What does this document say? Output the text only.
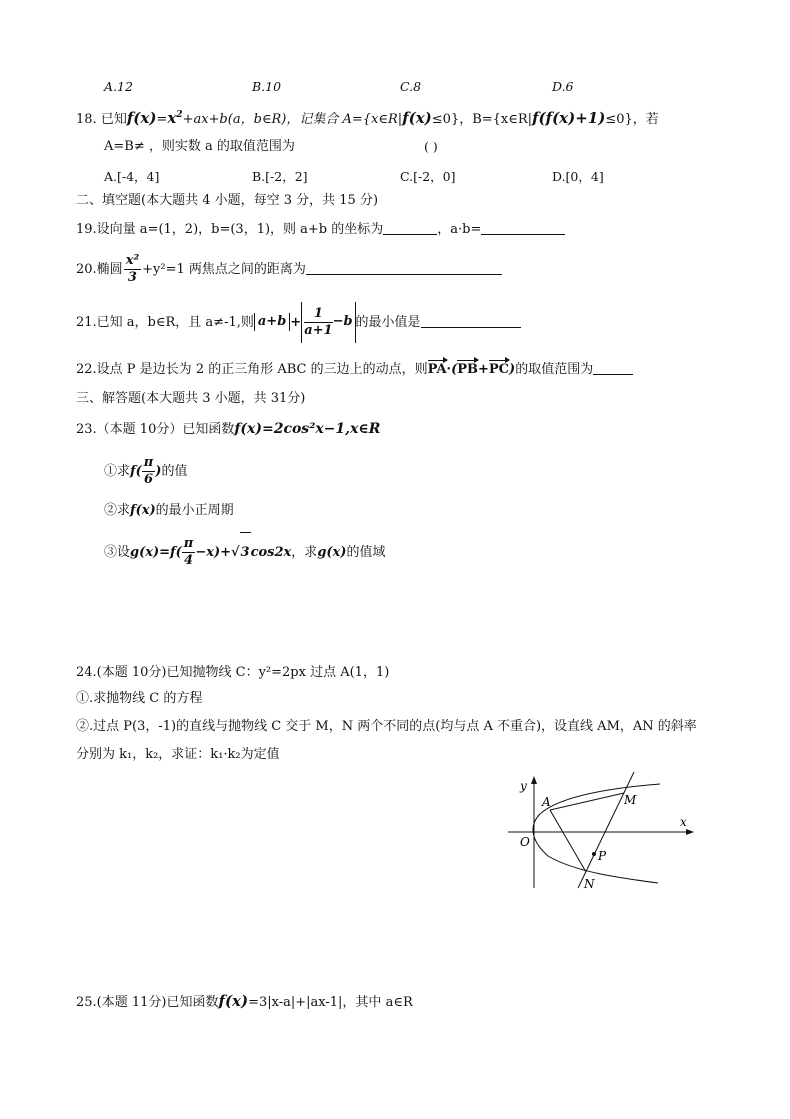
A.12	B.10	C.8	D.6
18. 已知$f(x)=x^2+ax+b(a$，b∈R)，记集合 A={x∈R|f(x)≤0}，B={x∈R|f(f(x)+1)≤0}，若
A=B≠ ，则实数 a 的取值范围为	( )
A.[-4，4]	B.[-2，2]	C.[-2，0]	D.[0，4]
二、填空题(本大题共 4 小题，每空 3 分，共 15 分)
19.设向量 a=(1，2)，b=(3，1)，则 a+b 的坐标为	，a·b=
20.椭圆 $\frac{\text{x²}}{3} +y^2=1$ 两焦点之间的距离为
21.已知 a，b∈R，且 a≠-1,则 $a+b + \frac{1}{a+1} -b$ 的最小值是
22.设点 P 是边长为 2 的正三角形 ABC 的三边上的动点，则PA·(PB+PC)的取值范围为
三、解答题(本大题共 3 小题，共 31分)
23.（本题 10分）已知函数f(x)=2cos²x−1,x∈R
①求$f( \frac{\pi}{6}$ )的值
②求f(x)的最小正周期
③设$g(x)=f( \frac{\pi}{4} -x)+√3\cos 2x$，求g(x)的值域
24.(本题 10分)已知抛物线 C：y²=2px 过点 A(1，1)
①.求抛物线 C 的方程
②.过点 P(3，-1)的直线与抛物线 C 交于 M，N 两个不同的点(均与点 A 不重合)，设直线 AM，AN 的斜率
分别为 k₁，k₂，求证：k₁·k₂为定值
y
x
O
A	M
P
N
25.(本题 11分)已知函数f(x)=3|x-a|+|ax-1|，其中 a∈R
